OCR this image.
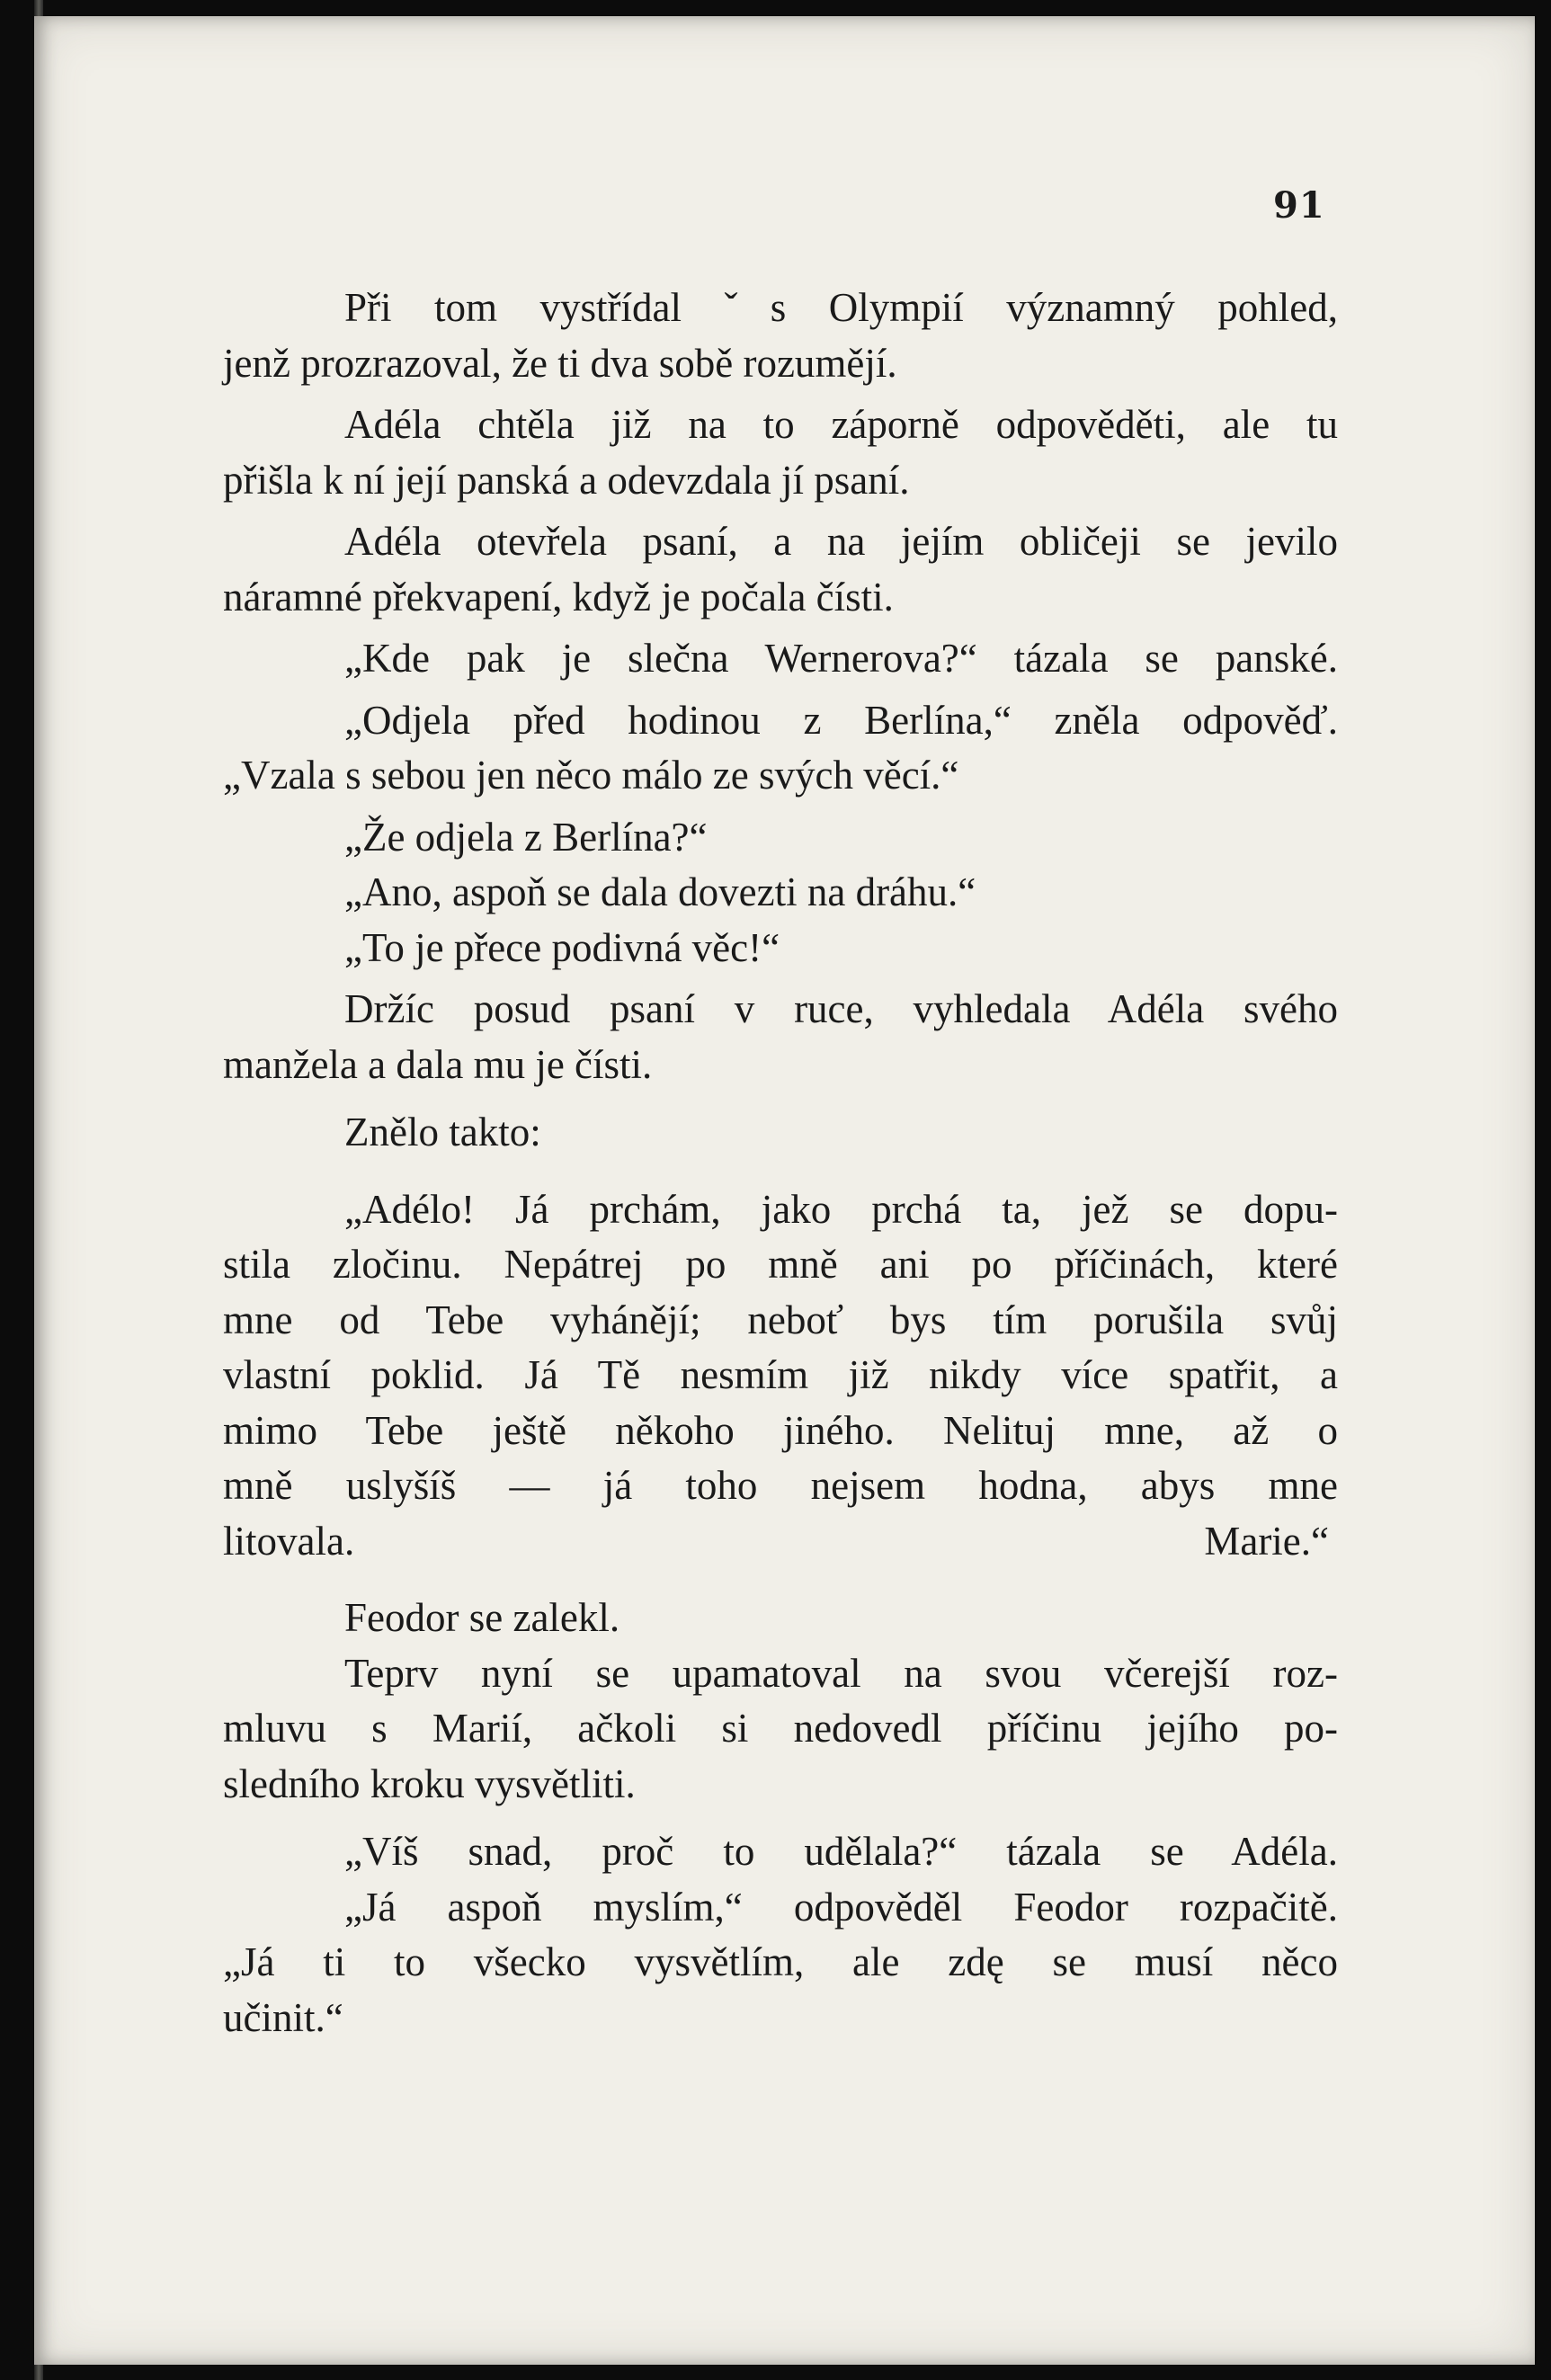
91

Při tom vystřídal ˇs Olympií významný pohled,
jenž prozrazoval, že ti dva sobě rozumějí.

Adéla chtěla již na to záporně odpověděti, ale tu
přišla k ní její panská a odevzdala jí psaní.

Adéla otevřela psaní, a na jejím obličeji se jevilo
náramné překvapení, když je počala čísti.

„Kde pak je slečna Wernerova?“ tázala se panské.

„Odjela před hodinou z Berlína,“ zněla odpověď.
„Vzala s sebou jen něco málo ze svých věcí.“

„Že odjela z Berlína?“

„Ano, aspoň se dala dovezti na dráhu.“

„To je přece podivná věc!“

Držíc posud psaní v ruce, vyhledala Adéla svého
manžela a dala mu je čísti.

Znělo takto:

„Adélo! Já prchám, jako prchá ta, jež se dopu-
stila zločinu. Nepátrej po mně ani po příčinách, které
mne od Tebe vyhánějí; neboť bys tím porušila svůj
vlastní poklid. Já Tě nesmím již nikdy více spatřit, a
mimo Tebe ještě někoho jiného. Nelituj mne, až o
mně uslyšíš — já toho nejsem hodna, abys mne
litovala.	Marie.“

Feodor se zalekl.

Teprv nyní se upamatoval na svou včerejší roz-
mluvu s Marií, ačkoli si nedovedl příčinu jejího po-
sledního kroku vysvětliti.

„Víš snad, proč to udělala?“ tázala se Adéla.

„Já aspoň myslím,“ odpověděl Feodor rozpačitě.
„Já ti to všecko vysvětlím, ale zdę se musí něco
učinit.“
